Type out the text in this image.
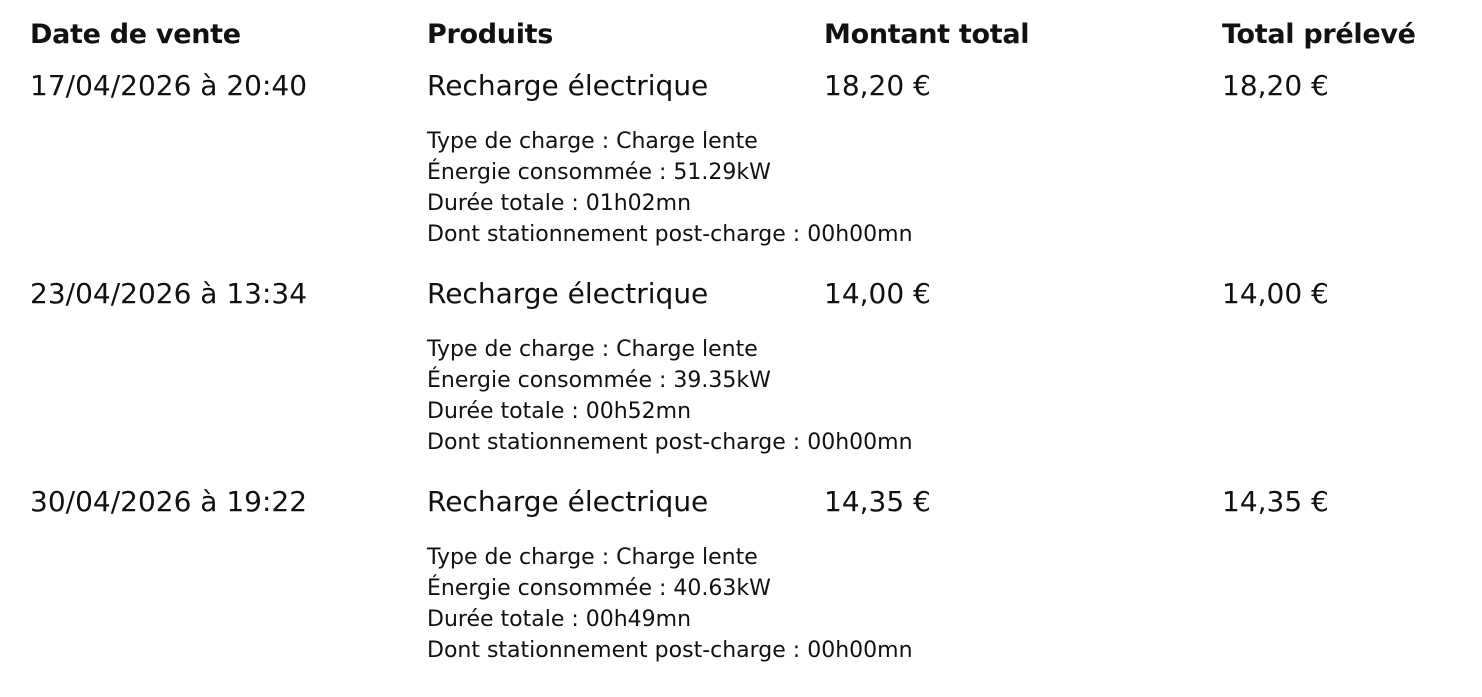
Date de vente	Produits	Montant total	Total prélevé
17/04/2026 à 20:40	Recharge électrique	18,20 €	18,20 €
Type de charge : Charge lente
Énergie consommée : 51.29kW
Durée totale : 01h02mn
Dont stationnement post-charge : 00h00mn
23/04/2026 à 13:34	Recharge électrique	14,00 €	14,00 €
Type de charge : Charge lente
Énergie consommée : 39.35kW
Durée totale : 00h52mn
Dont stationnement post-charge : 00h00mn
30/04/2026 à 19:22	Recharge électrique	14,35 €	14,35 €
Type de charge : Charge lente
Énergie consommée : 40.63kW
Durée totale : 00h49mn
Dont stationnement post-charge : 00h00mn
